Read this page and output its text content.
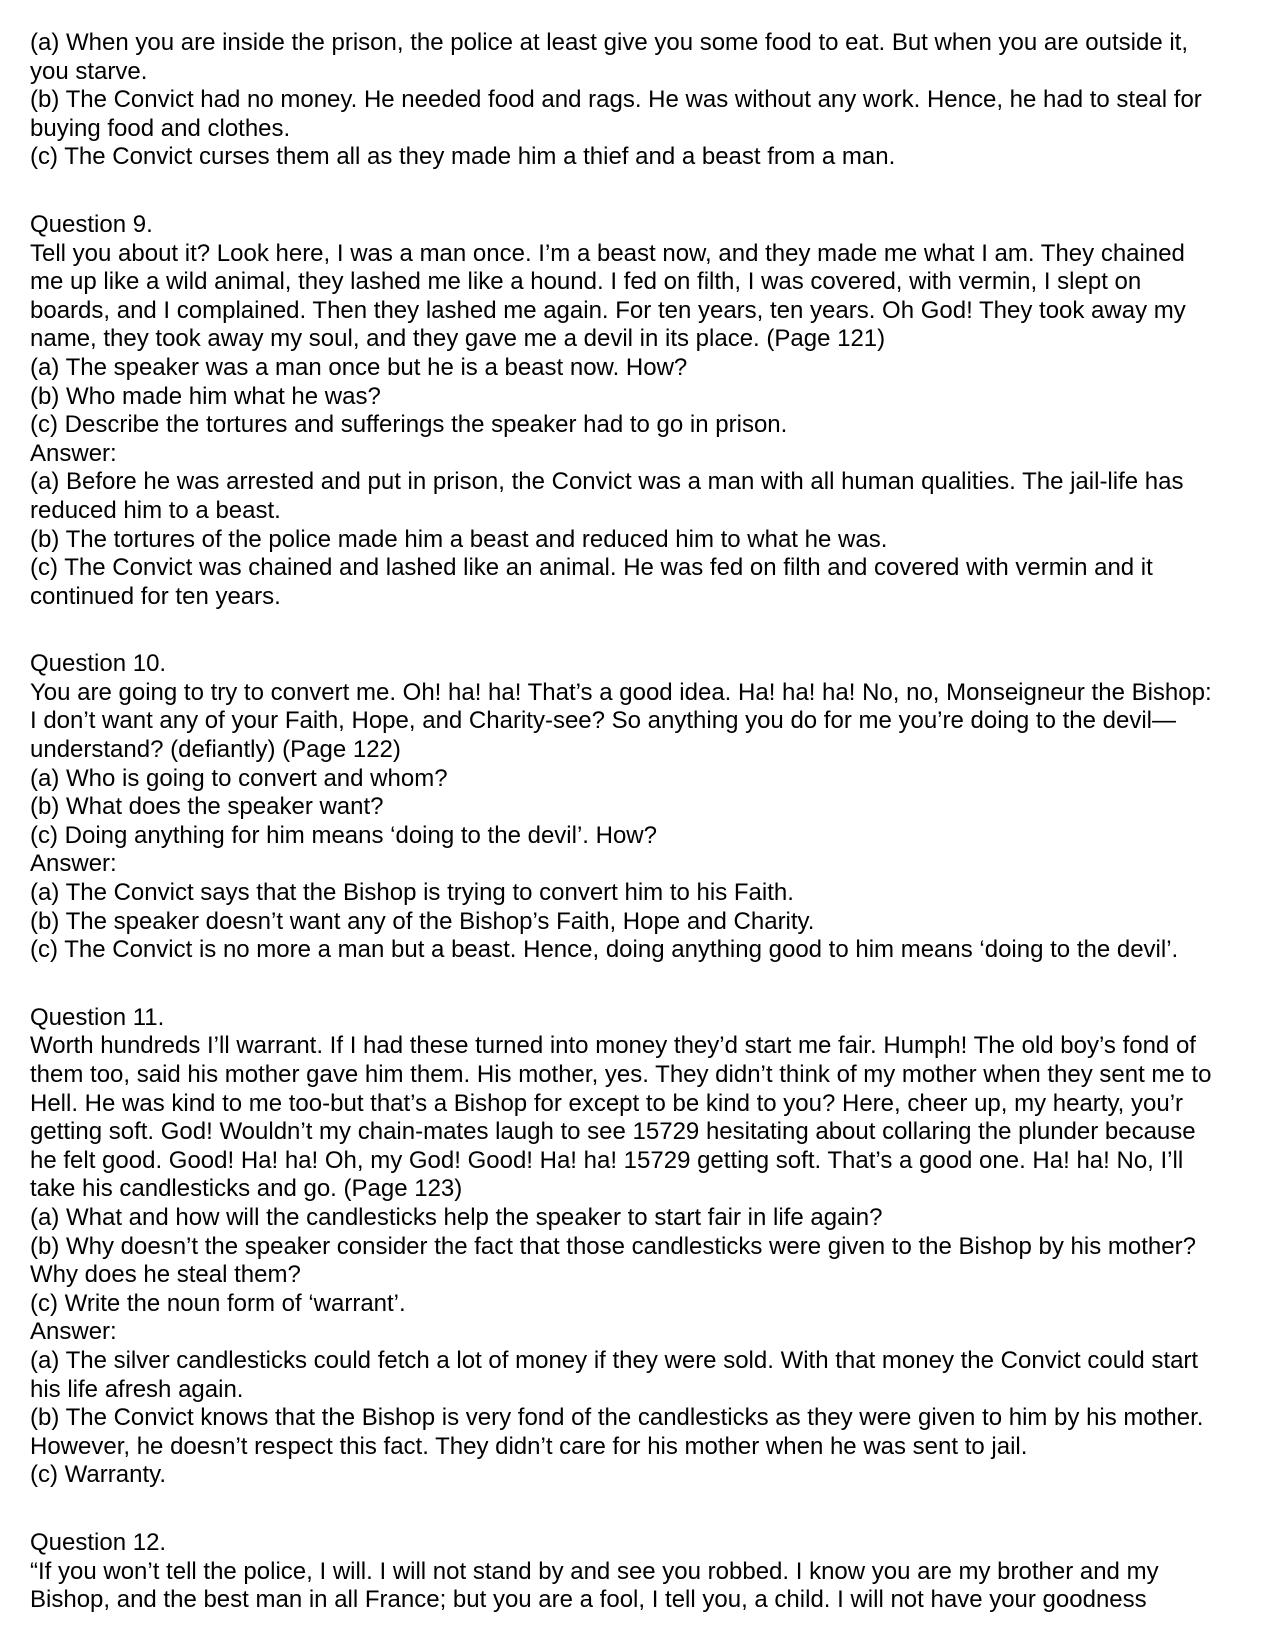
(a) When you are inside the prison, the police at least give you some food to eat. But when you are outside it,
you starve.
(b) The Convict had no money. He needed food and rags. He was without any work. Hence, he had to steal for
buying food and clothes.
(c) The Convict curses them all as they made him a thief and a beast from a man.
Question 9.
Tell you about it? Look here, I was a man once. I’m a beast now, and they made me what I am. They chained
me up like a wild animal, they lashed me like a hound. I fed on filth, I was covered, with vermin, I slept on
boards, and I complained. Then they lashed me again. For ten years, ten years. Oh God! They took away my
name, they took away my soul, and they gave me a devil in its place. (Page 121)
(a) The speaker was a man once but he is a beast now. How?
(b) Who made him what he was?
(c) Describe the tortures and sufferings the speaker had to go in prison.
Answer:
(a) Before he was arrested and put in prison, the Convict was a man with all human qualities. The jail-life has
reduced him to a beast.
(b) The tortures of the police made him a beast and reduced him to what he was.
(c) The Convict was chained and lashed like an animal. He was fed on filth and covered with vermin and it
continued for ten years.
Question 10.
You are going to try to convert me. Oh! ha! ha! That’s a good idea. Ha! ha! ha! No, no, Monseigneur the Bishop:
I don’t want any of your Faith, Hope, and Charity-see? So anything you do for me you’re doing to the devil—
understand? (defiantly) (Page 122)
(a) Who is going to convert and whom?
(b) What does the speaker want?
(c) Doing anything for him means ‘doing to the devil’. How?
Answer:
(a) The Convict says that the Bishop is trying to convert him to his Faith.
(b) The speaker doesn’t want any of the Bishop’s Faith, Hope and Charity.
(c) The Convict is no more a man but a beast. Hence, doing anything good to him means ‘doing to the devil’.
Question 11.
Worth hundreds I’ll warrant. If I had these turned into money they’d start me fair. Humph! The old boy’s fond of
them too, said his mother gave him them. His mother, yes. They didn’t think of my mother when they sent me to
Hell. He was kind to me too-but that’s a Bishop for except to be kind to you? Here, cheer up, my hearty, you’r
getting soft. God! Wouldn’t my chain-mates laugh to see 15729 hesitating about collaring the plunder because
he felt good. Good! Ha! ha! Oh, my God! Good! Ha! ha! 15729 getting soft. That’s a good one. Ha! ha! No, I’ll
take his candlesticks and go. (Page 123)
(a) What and how will the candlesticks help the speaker to start fair in life again?
(b) Why doesn’t the speaker consider the fact that those candlesticks were given to the Bishop by his mother?
Why does he steal them?
(c) Write the noun form of ‘warrant’.
Answer:
(a) The silver candlesticks could fetch a lot of money if they were sold. With that money the Convict could start
his life afresh again.
(b) The Convict knows that the Bishop is very fond of the candlesticks as they were given to him by his mother.
However, he doesn’t respect this fact. They didn’t care for his mother when he was sent to jail.
(c) Warranty.
Question 12.
“If you won’t tell the police, I will. I will not stand by and see you robbed. I know you are my brother and my
Bishop, and the best man in all France; but you are a fool, I tell you, a child. I will not have your goodness
